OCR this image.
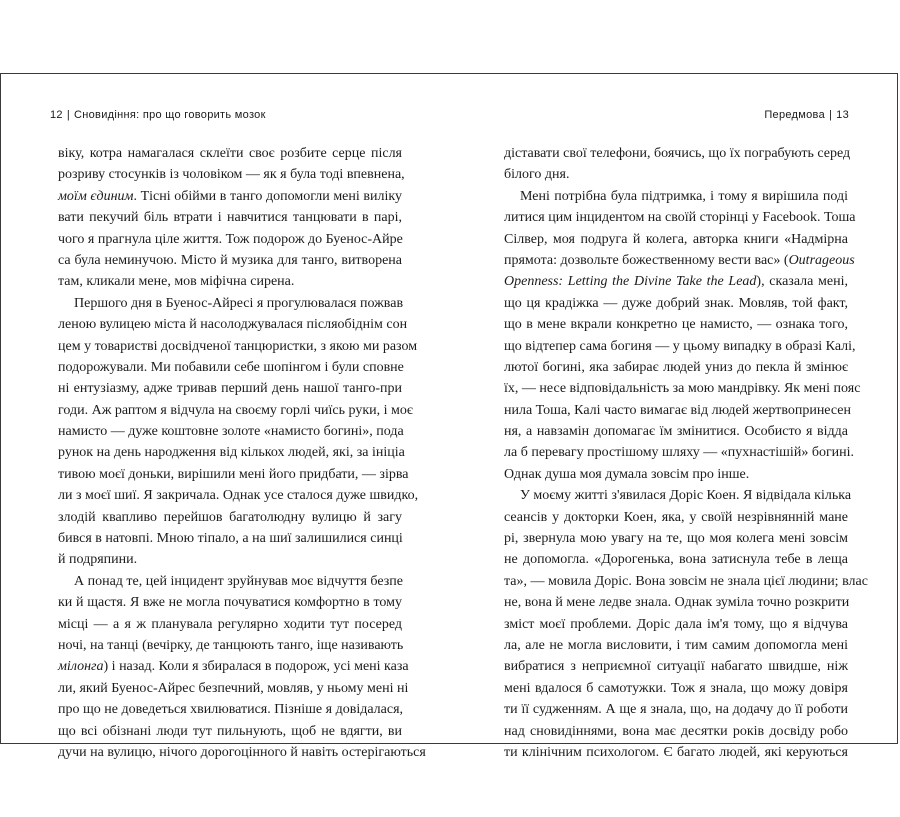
12 | Сновидіння: про що говорить мозок	Передмова | 13
віку, котра намагалася склеїти своє розбите серце після
розриву стосунків із чоловіком — як я була тоді впевнена,
моїм єдиним. Тісні обійми в танго допомогли мені виліку
вати пекучий біль втрати і навчитися танцювати в парі,
чого я прагнула ціле життя. Тож подорож до Буенос-Айре
са була неминучою. Місто й музика для танго, витворена
там, кликали мене, мов міфічна сирена.
Першого дня в Буенос-Айресі я прогулювалася пожвав
леною вулицею міста й насолоджувалася післяобіднім сон
цем у товаристві досвідченої танцюристки, з якою ми разом
подорожували. Ми побавили себе шопінгом і були сповне
ні ентузіазму, адже тривав перший день нашої танго-при
годи. Аж раптом я відчула на своєму горлі чиїсь руки, і моє
намисто — дуже коштовне золоте «намисто богині», пода
рунок на день народження від кількох людей, які, за ініціа
тивою моєї доньки, вирішили мені його придбати, — зірва
ли з моєї шиї. Я закричала. Однак усе сталося дуже швидко,
злодій квапливо перейшов багатолюдну вулицю й загу
бився в натовпі. Мною тіпало, а на шиї залишилися синці
й подряпини.
А понад те, цей інцидент зруйнував моє відчуття безпе
ки й щастя. Я вже не могла почуватися комфортно в тому
місці — а я ж планувала регулярно ходити тут посеред
ночі, на танці (вечірку, де танцюють танго, іще називають
мілонга) і назад. Коли я збиралася в подорож, усі мені каза
ли, який Буенос-Айрес безпечний, мовляв, у ньому мені ні
про що не доведеться хвилюватися. Пізніше я довідалася,
що всі обізнані люди тут пильнують, щоб не вдягти, ви
дучи на вулицю, нічого дорогоцінного й навіть остерігаються
діставати свої телефони, боячись, що їх пограбують серед
білого дня.
Мені потрібна була підтримка, і тому я вирішила поді
литися цим інцидентом на своїй сторінці у Facebook. Тоша
Сілвер, моя подруга й колега, авторка книги «Надмірна
прямота: дозвольте божественному вести вас» (Outrageous
Openness: Letting the Divine Take the Lead), сказала мені,
що ця крадіжка — дуже добрий знак. Мовляв, той факт,
що в мене вкрали конкретно це намисто, — ознака того,
що відтепер сама богиня — у цьому випадку в образі Калі,
лютої богині, яка забирає людей униз до пекла й змінює
їх, — несе відповідальність за мою мандрівку. Як мені пояс
нила Тоша, Калі часто вимагає від людей жертвопринесен
ня, а навзамін допомагає їм змінитися. Особисто я відда
ла б перевагу простішому шляху — «пухнастішій» богині.
Однак душа моя думала зовсім про інше.
У моєму житті з'явилася Доріс Коен. Я відвідала кілька
сеансів у докторки Коен, яка, у своїй незрівнянній мане
рі, звернула мою увагу на те, що моя колега мені зовсім
не допомогла. «Дорогенька, вона затиснула тебе в леща
та», — мовила Доріс. Вона зовсім не знала цієї людини; влас
не, вона й мене ледве знала. Однак зуміла точно розкрити
зміст моєї проблеми. Доріс дала ім'я тому, що я відчува
ла, але не могла висловити, і тим самим допомогла мені
вибратися з неприємної ситуації набагато швидше, ніж
мені вдалося б самотужки. Тож я знала, що можу довіря
ти її судженням. А ще я знала, що, на додачу до її роботи
над сновидіннями, вона має десятки років досвіду робо
ти клінічним психологом. Є багато людей, які керуються
